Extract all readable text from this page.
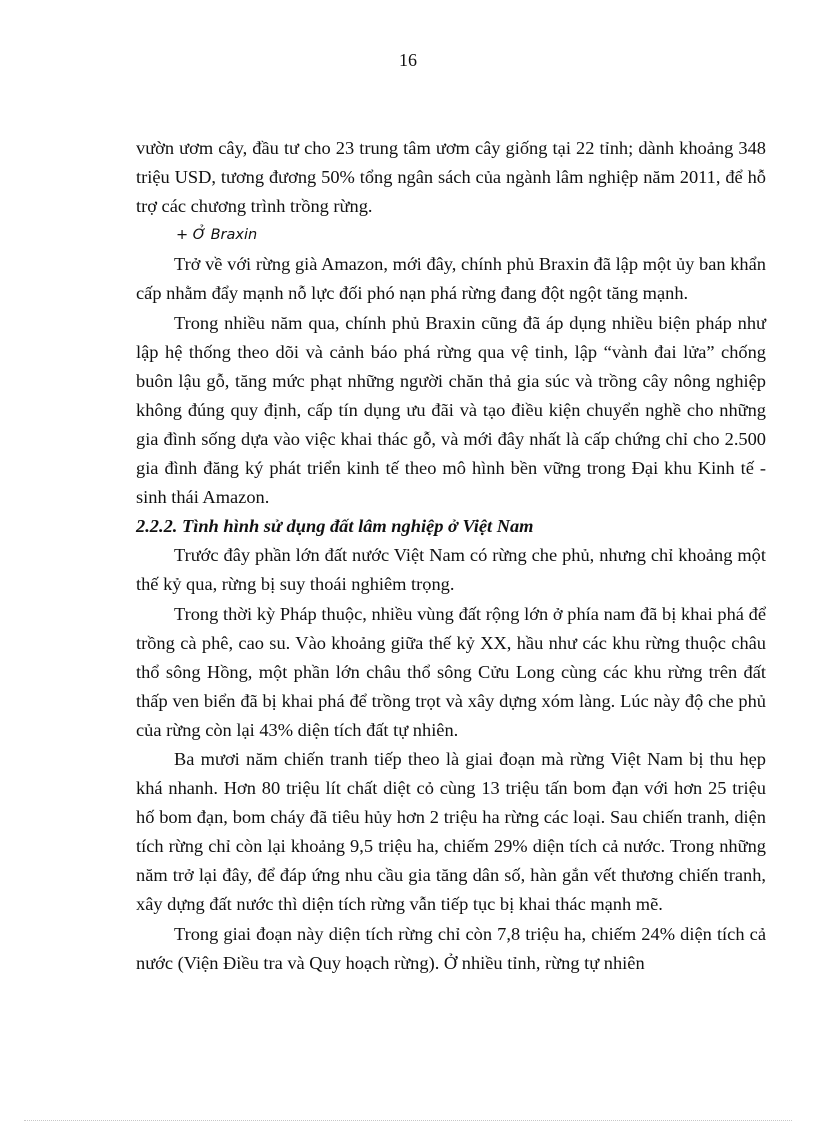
16

vườn ươm cây, đầu tư cho 23 trung tâm ươm cây giống tại 22 tỉnh; dành khoảng 348 triệu USD, tương đương 50% tổng ngân sách của ngành lâm nghiệp năm 2011, để hỗ trợ các chương trình trồng rừng.

+ Ở Braxin

Trở về với rừng già Amazon, mới đây, chính phủ Braxin đã lập một ủy ban khẩn cấp nhằm đẩy mạnh nỗ lực đối phó nạn phá rừng đang đột ngột tăng mạnh.

Trong nhiều năm qua, chính phủ Braxin cũng đã áp dụng nhiều biện pháp như lập hệ thống theo dõi và cảnh báo phá rừng qua vệ tinh, lập “vành đai lửa” chống buôn lậu gỗ, tăng mức phạt những người chăn thả gia súc và trồng cây nông nghiệp không đúng quy định, cấp tín dụng ưu đãi và tạo điều kiện chuyển nghề cho những gia đình sống dựa vào việc khai thác gỗ, và mới đây nhất là cấp chứng chỉ cho 2.500 gia đình đăng ký phát triển kinh tế theo mô hình bền vững trong Đại khu Kinh tế - sinh thái Amazon.

2.2.2. Tình hình sử dụng đất lâm nghiệp ở Việt Nam

Trước đây phần lớn đất nước Việt Nam có rừng che phủ, nhưng chỉ khoảng một thế kỷ qua, rừng bị suy thoái nghiêm trọng.

Trong thời kỳ Pháp thuộc, nhiều vùng đất rộng lớn ở phía nam đã bị khai phá để trồng cà phê, cao su. Vào khoảng giữa thế kỷ XX, hầu như các khu rừng thuộc châu thổ sông Hồng, một phần lớn châu thổ sông Cửu Long cùng các khu rừng trên đất thấp ven biển đã bị khai phá để trồng trọt và xây dựng xóm làng. Lúc này độ che phủ của rừng còn lại 43% diện tích đất tự nhiên.

Ba mươi năm chiến tranh tiếp theo là giai đoạn mà rừng Việt Nam bị thu hẹp khá nhanh. Hơn 80 triệu lít chất diệt cỏ cùng 13 triệu tấn bom đạn với hơn 25 triệu hố bom đạn, bom cháy đã tiêu hủy hơn 2 triệu ha rừng các loại. Sau chiến tranh, diện tích rừng chỉ còn lại khoảng 9,5 triệu ha, chiếm 29% diện tích cả nước. Trong những năm trở lại đây, để đáp ứng nhu cầu gia tăng dân số, hàn gắn vết thương chiến tranh, xây dựng đất nước thì diện tích rừng vẫn tiếp tục bị khai thác mạnh mẽ.

Trong giai đoạn này diện tích rừng chỉ còn 7,8 triệu ha, chiếm 24% diện tích cả nước (Viện Điều tra và Quy hoạch rừng). Ở nhiều tỉnh, rừng tự nhiên
